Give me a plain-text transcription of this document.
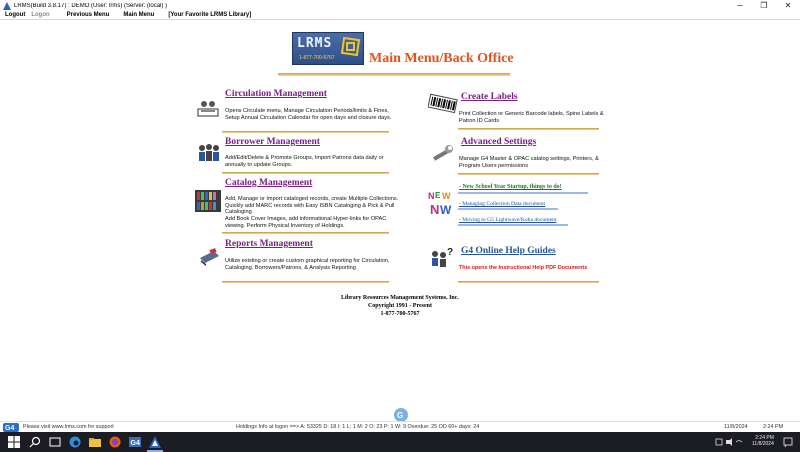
LRMS(Build 3.8.17) : DEMO (User: lrms) (Server: (local) )	─	❐	✕
Logout Logon	Previous Menu Main Menu [Your Favorite LRMS Library]
LRMS
1-877-700-5767 Main Menu/Back Office
Circulation Management
Opens Circulate menu, Manage Circulation Periods/limits & Fines, Setup Annual Circulation Calendar for open days and closure days.
Borrower Management
Add/Edit/Delete & Promote Groups, Import Patrons data daily or annually to update Groups.
Catalog Management
Add, Manage or Import cataloged records, create Multiple Collections. Quickly add MARC records with Easy ISBN Cataloging & Pick & Pull Cataloging
Add Book Cover Images, add informational Hyper-links for OPAC viewing. Perform Physical Inventory of Holdings.
Reports Management
Utilize existing or create custom graphical reporting for Circulation, Cataloging, Borrowers/Patrons, & Analysis Reporting
Create Labels
Print Collection or Generic Barcode labels, Spine Labels & Patron ID Cards
Advanced Settings
Manage G4 Master & OPAC catalog settings, Printers, & Program Users permissions
N E W
N W
- New School Year Startup, things to do!
- Managing Collection Data document
- Moving to G5 Lightwave/Koha document
? G4 Online Help Guides
This opens the Instructional Help PDF Documents
Library Resources Management Systems, Inc.
Copyright 1991 - Present
1-877-700-5767
G
G4 Please visit www.lrms.com for support	Holdings Info at logon ==> A: 53325 D: 18 I: 1 L: 1 M: 2 O: 23 P: 1 W: 9 Overdue: 25 OD 60+ days: 24	11/8/2024	2:24 PM
G4
2:24 PM
11/8/2024
